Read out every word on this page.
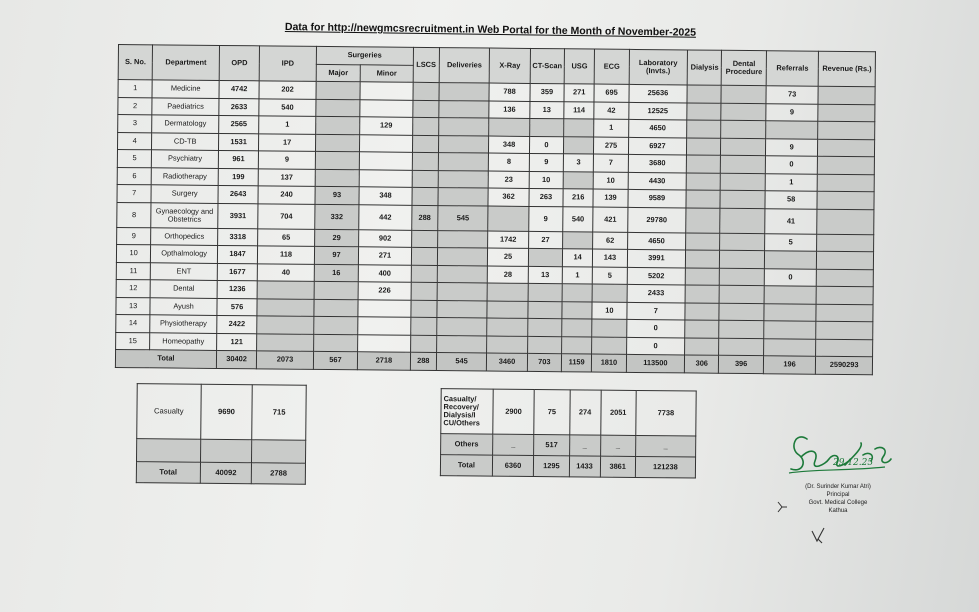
Data for http://newgmcsrecruitment.in Web Portal for the Month of November-2025
S. No.	Department	OPD	IPD	Surgeries		LSCS	Deliveries	X-Ray	CT-Scan	USG	ECG	Laboratory (Invts.)	Dialysis	Dental Procedure	Referrals	Revenue (Rs.)
				Major	Minor											
1	Medicine	4742	202					788	359	271	695	25636			73	
2	Paediatrics	2633	540					136	13	114	42	12525			9	
3	Dermatology	2565	1		129						1	4650				
4	CD-TB	1531	17					348	0		275	6927			9	
5	Psychiatry	961	9					8	9	3	7	3680			0	
6	Radiotherapy	199	137					23	10		10	4430			1	
7	Surgery	2643	240	93	348			362	263	216	139	9589			58	
8	Gynaecology and Obstetrics	3931	704	332	442	288	545		9	540	421	29780			41	
9	Orthopedics	3318	65	29	902			1742	27		62	4650			5	
10	Opthalmology	1847	118	97	271			25		14	143	3991				
11	ENT	1677	40	16	400			28	13	1	5	5202			0	
12	Dental	1236			226							2433				
13	Ayush	576									10	7				
14	Physiotherapy	2422										0				
15	Homeopathy	121										0				
Total		30402	2073	567	2718	288	545	3460	703	1159	1810	113500	306	396	196	2590293
Casualty	9690	715

Total	40092	2788
Casualty/ Recovery/ Dialysis/I CU/Others	2900	75	274	2051	7738
Others	_	517	_	_	_
Total	6360	1295	1433	3861	121238	29.12.25
(Dr. Surinder Kumar Atri)
Principal
Govt. Medical College
Kathua
